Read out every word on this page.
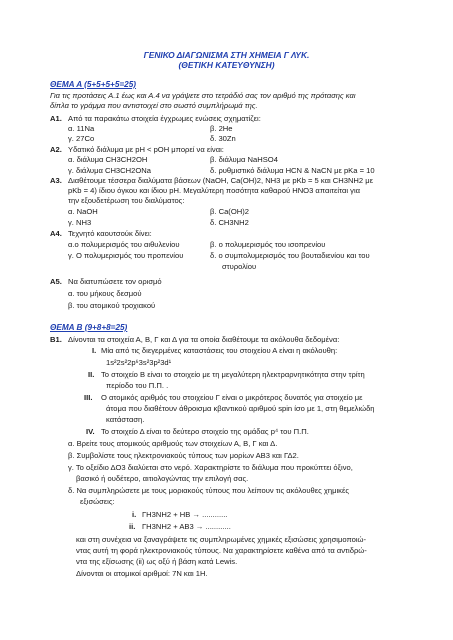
ΓΕΝΙΚΟ ΔΙΑΓΩΝΙΣΜΑ ΣΤΗ ΧΗΜΕΙΑ Γ ΛΥΚ.
(ΘΕΤΙΚΗ ΚΑΤΕΥΘΥΝΣΗ)
ΘΕΜΑ Α (5+5+5+5=25)
Για τις προτάσεις Α.1 έως και Α.4 να γράψετε στο τετράδιό σας τον αριθμό της πρότασης και
δίπλα το γράμμα που αντιστοιχεί στο σωστό συμπλήρωμά της.
Α1. Από τα παρακάτω στοιχεία έγχρωμες ενώσεις σχηματίζει:
α. 11Na	β. 2He
γ. 27Co	δ. 30Zn
Α2. Υδατικό διάλυμα με pH < pOH μπορεί να είναι:
α. διάλυμα CH3CH2OH	β. διάλυμα NaHSO4
γ. διάλυμα CH3CH2ONa	δ. ρυθμιστικό διάλυμα HCN & NaCN με pKa = 10
Α3. Διαθέτουμε τέσσερα διαλύματα βάσεων (NaOH, Ca(OH)2, NH3 με pKb = 5 και CH3NH2 με
pKb = 4) ίδιου όγκου και ίδιου pH. Μεγαλύτερη ποσότητα καθαρού HNO3 απαιτείται για
την εξουδετέρωση του διαλύματος:
α. NaOH	β. Ca(OH)2
γ. NH3	δ. CH3NH2
Α4. Τεχνητό καουτσούκ δίνει:
α.ο πολυμερισμός του αιθυλενίου	β. ο πολυμερισμός του ισοπρενίου
γ. Ο πολυμερισμός του προπενίου	δ. ο συμπολυμερισμός του βουταδιενίου και του
στυρολίου
Α5. Να διατυπώσετε τον ορισμό
α. του μήκους δεσμού
β. του ατομικού τροχιακού
ΘΕΜΑ Β (9+8+8=25)
Β1. Δίνονται τα στοιχεία Α, Β, Γ και Δ για τα οποία διαθέτουμε τα ακόλουθα δεδομένα:
I. Μία από τις διεγερμένες καταστάσεις του στοιχείου Α είναι η ακόλουθη:
1s²2s²2p⁶3s²3p²3d¹
II. Το στοιχείο Β είναι το στοιχείο με τη μεγαλύτερη ηλεκτραρνητικότητα στην τρίτη
περίοδο του Π.Π. .
III. Ο ατομικός αριθμός του στοιχείου Γ είναι ο μικρότερος δυνατός για στοιχείο με
άτομα που διαθέτουν άθροισμα κβαντικού αριθμού spin ίσο με 1, στη θεμελιώδη
κατάσταση.
IV. Το στοιχείο Δ είναι το δεύτερο στοιχείο της ομάδας p⁴ του Π.Π.
α. Βρείτε τους ατομικούς αριθμούς των στοιχείων Α, Β, Γ και Δ.
β. Συμβολίστε τους ηλεκτρονιακούς τύπους των μορίων ΑΒ3 και ΓΔ2.
γ. Το οξείδιο ΔΟ3 διαλύεται στο νερό. Χαρακτηρίστε το διάλυμα που προκύπτει όξινο,
βασικό ή ουδέτερο, αιτιολογώντας την επιλογή σας.
δ. Να συμπληρώσετε με τους μοριακούς τύπους που λείπουν τις ακόλουθες χημικές
εξισώσεις:
i. ΓΗ3ΝΗ2 + ΗΒ → ............
ii. ΓΗ3ΝΗ2 + ΑΒ3 → ............
και στη συνέχεια να ξαναγράψετε τις συμπληρωμένες χημικές εξισώσεις χρησιμοποιώ-
ντας αυτή τη φορά ηλεκτρονιακούς τύπους. Να χαρακτηρίσετε καθένα από τα αντιδρώ-
ντα της εξίσωσης (ii) ως οξύ ή βάση κατά Lewis.
Δίνονται οι ατομικοί αριθμοί: 7N και 1H.
